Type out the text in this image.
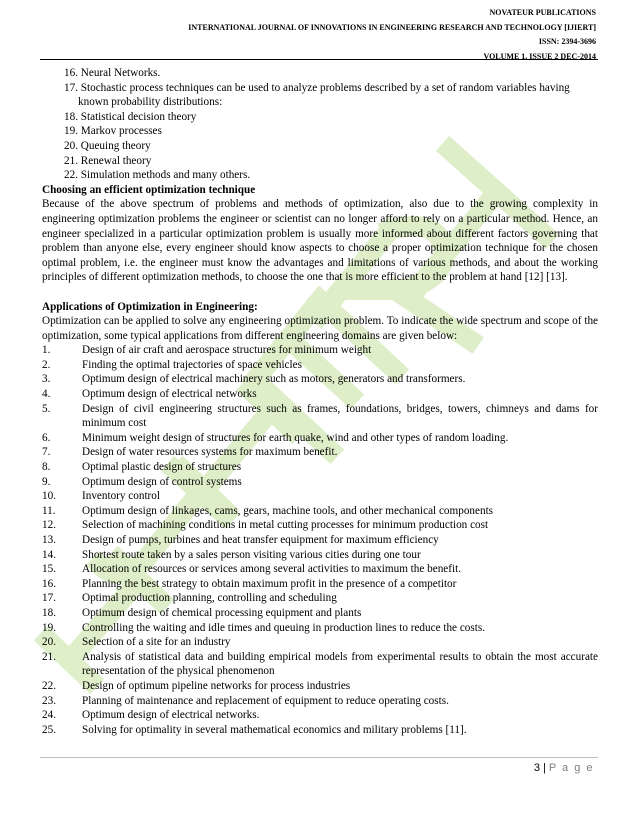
NOVATEUR PUBLICATIONS
INTERNATIONAL JOURNAL OF INNOVATIONS IN ENGINEERING RESEARCH AND TECHNOLOGY [IJIERT]
ISSN: 2394-3696
VOLUME 1, ISSUE 2 DEC-2014
16. Neural Networks.
17. Stochastic process techniques can be used to analyze problems described by a set of random variables having known probability distributions:
18. Statistical decision theory
19. Markov processes
20. Queuing theory
21. Renewal theory
22. Simulation methods and many others.
Choosing an efficient optimization technique
Because of the above spectrum of problems and methods of optimization, also due to the growing complexity in engineering optimization problems the engineer or scientist can no longer afford to rely on a particular method. Hence, an engineer specialized in a particular optimization problem is usually more informed about different factors governing that problem than anyone else, every engineer should know aspects to choose a proper optimization technique for the chosen optimal problem, i.e. the engineer must know the advantages and limitations of various methods, and about the working principles of different optimization methods, to choose the one that is more efficient to the problem at hand [12] [13].
Applications of Optimization in Engineering:
Optimization can be applied to solve any engineering optimization problem. To indicate the wide spectrum and scope of the optimization, some typical applications from different engineering domains are given below:
1.	Design of air craft and aerospace structures for minimum weight
2.	Finding the optimal trajectories of space vehicles
3.	Optimum design of electrical machinery such as motors, generators and transformers.
4.	Optimum design of electrical networks
5.	Design of civil engineering structures such as frames, foundations, bridges, towers, chimneys and dams for minimum cost
6.	Minimum weight design of structures for earth quake, wind and other types of random loading.
7.	Design of water resources systems for maximum benefit.
8.	Optimal plastic design of structures
9.	Optimum design of control systems
10. Inventory control
11. Optimum design of linkages, cams, gears, machine tools, and other mechanical components
12. Selection of machining conditions in metal cutting processes for minimum production cost
13. Design of pumps, turbines and heat transfer equipment for maximum efficiency
14. Shortest route taken by a sales person visiting various cities during one tour
15. Allocation of resources or services among several activities to maximum the benefit.
16. Planning the best strategy to obtain maximum profit in the presence of a competitor
17. Optimal production planning, controlling and scheduling
18. Optimum design of chemical processing equipment and plants
19. Controlling the waiting and idle times and queuing in production lines to reduce the costs.
20. Selection of a site for an industry
21. Analysis of statistical data and building empirical models from experimental results to obtain the most accurate representation of the physical phenomenon
22. Design of optimum pipeline networks for process industries
23. Planning of maintenance and replacement of equipment to reduce operating costs.
24. Optimum design of electrical networks.
25. Solving for optimality in several mathematical economics and military problems [11].
3 | P a g e
